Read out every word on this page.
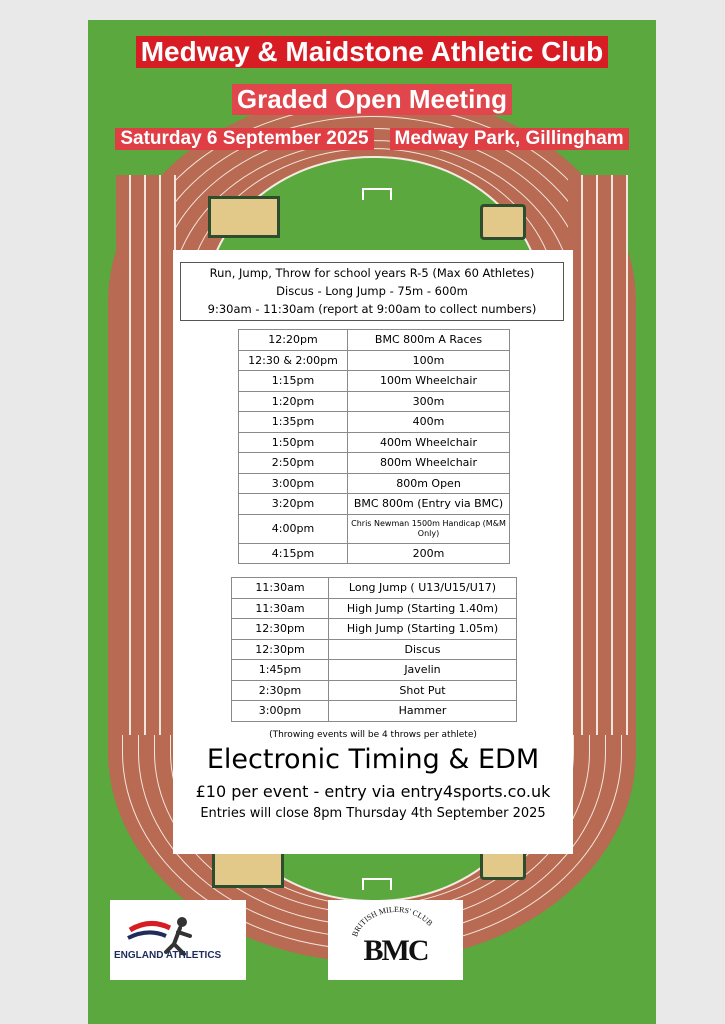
Medway & Maidstone Athletic Club
Graded Open Meeting
Saturday 6 September 2025 Medway Park, Gillingham
Run, Jump, Throw for school years R-5 (Max 60 Athletes)
Discus - Long Jump - 75m - 600m
9:30am - 11:30am (report at 9:00am to collect numbers)
12:20pm	BMC 800m A Races
12:30 & 2:00pm	100m
1:15pm	100m Wheelchair
1:20pm	300m
1:35pm	400m
1:50pm	400m Wheelchair
2:50pm	800m Wheelchair
3:00pm	800m Open
3:20pm	BMC 800m (Entry via BMC)
4:00pm	Chris Newman 1500m Handicap (M&M Only)
4:15pm	200m
11:30am	Long Jump ( U13/U15/U17)
11:30am	High Jump (Starting 1.40m)
12:30pm	High Jump (Starting 1.05m)
12:30pm	Discus
1:45pm	Javelin
2:30pm	Shot Put
3:00pm	Hammer
(Throwing events will be 4 throws per athlete)
Electronic Timing & EDM
£10 per event - entry via entry4sports.co.uk
Entries will close 8pm Thursday 4th September 2025
ENGLAND ATHLETICS
BRITISH MILERS' CLUB
BMC
